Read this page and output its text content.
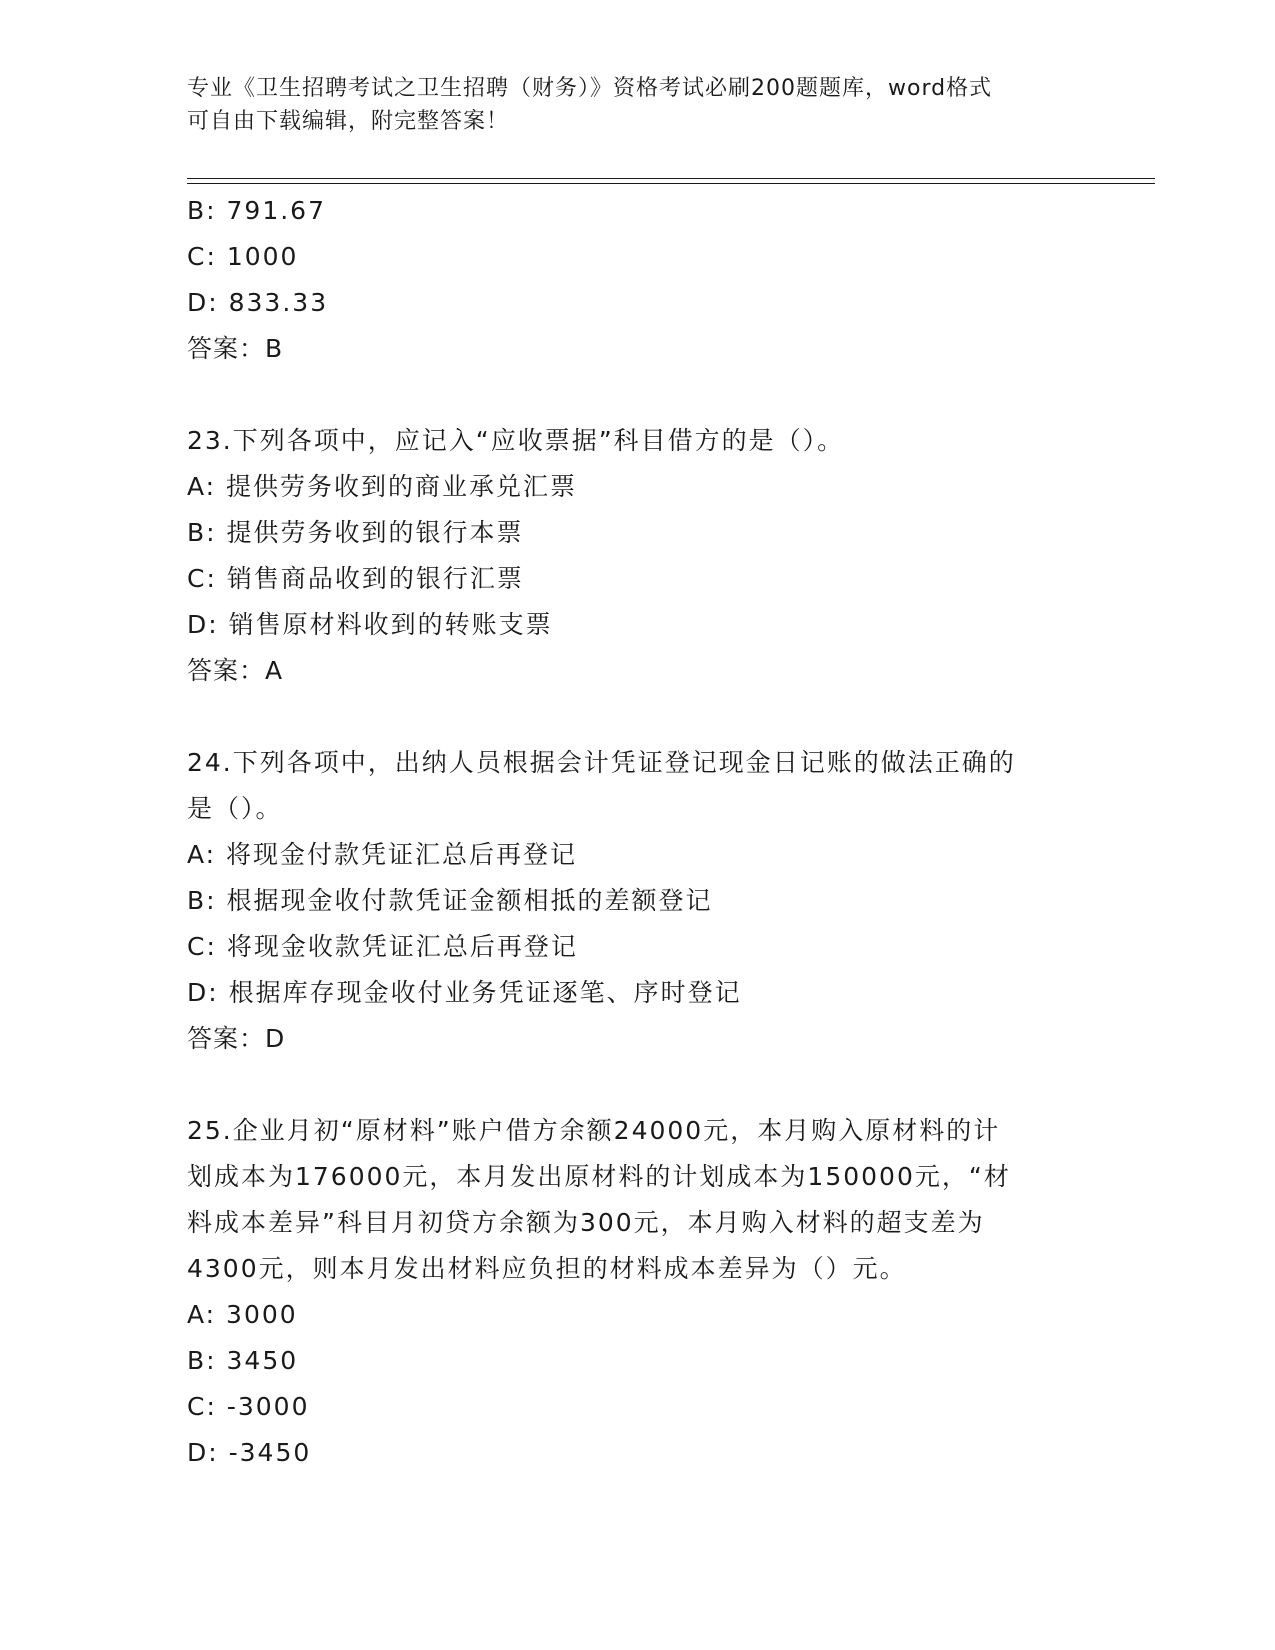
专业《卫生招聘考试之卫生招聘（财务）》资格考试必刷200题题库，word格式
可自由下载编辑，附完整答案！
B: 791.67
C: 1000
D: 833.33
答案：B
23.下列各项中，应记入“应收票据”科目借方的是（）。
A: 提供劳务收到的商业承兑汇票
B: 提供劳务收到的银行本票
C: 销售商品收到的银行汇票
D: 销售原材料收到的转账支票
答案：A
24.下列各项中，出纳人员根据会计凭证登记现金日记账的做法正确的
是（）。
A: 将现金付款凭证汇总后再登记
B: 根据现金收付款凭证金额相抵的差额登记
C: 将现金收款凭证汇总后再登记
D: 根据库存现金收付业务凭证逐笔、序时登记
答案：D
25.企业月初“原材料”账户借方余额24000元，本月购入原材料的计
划成本为176000元，本月发出原材料的计划成本为150000元，“材
料成本差异”科目月初贷方余额为300元，本月购入材料的超支差为
4300元，则本月发出材料应负担的材料成本差异为（）元。
A: 3000
B: 3450
C: -3000
D: -3450
